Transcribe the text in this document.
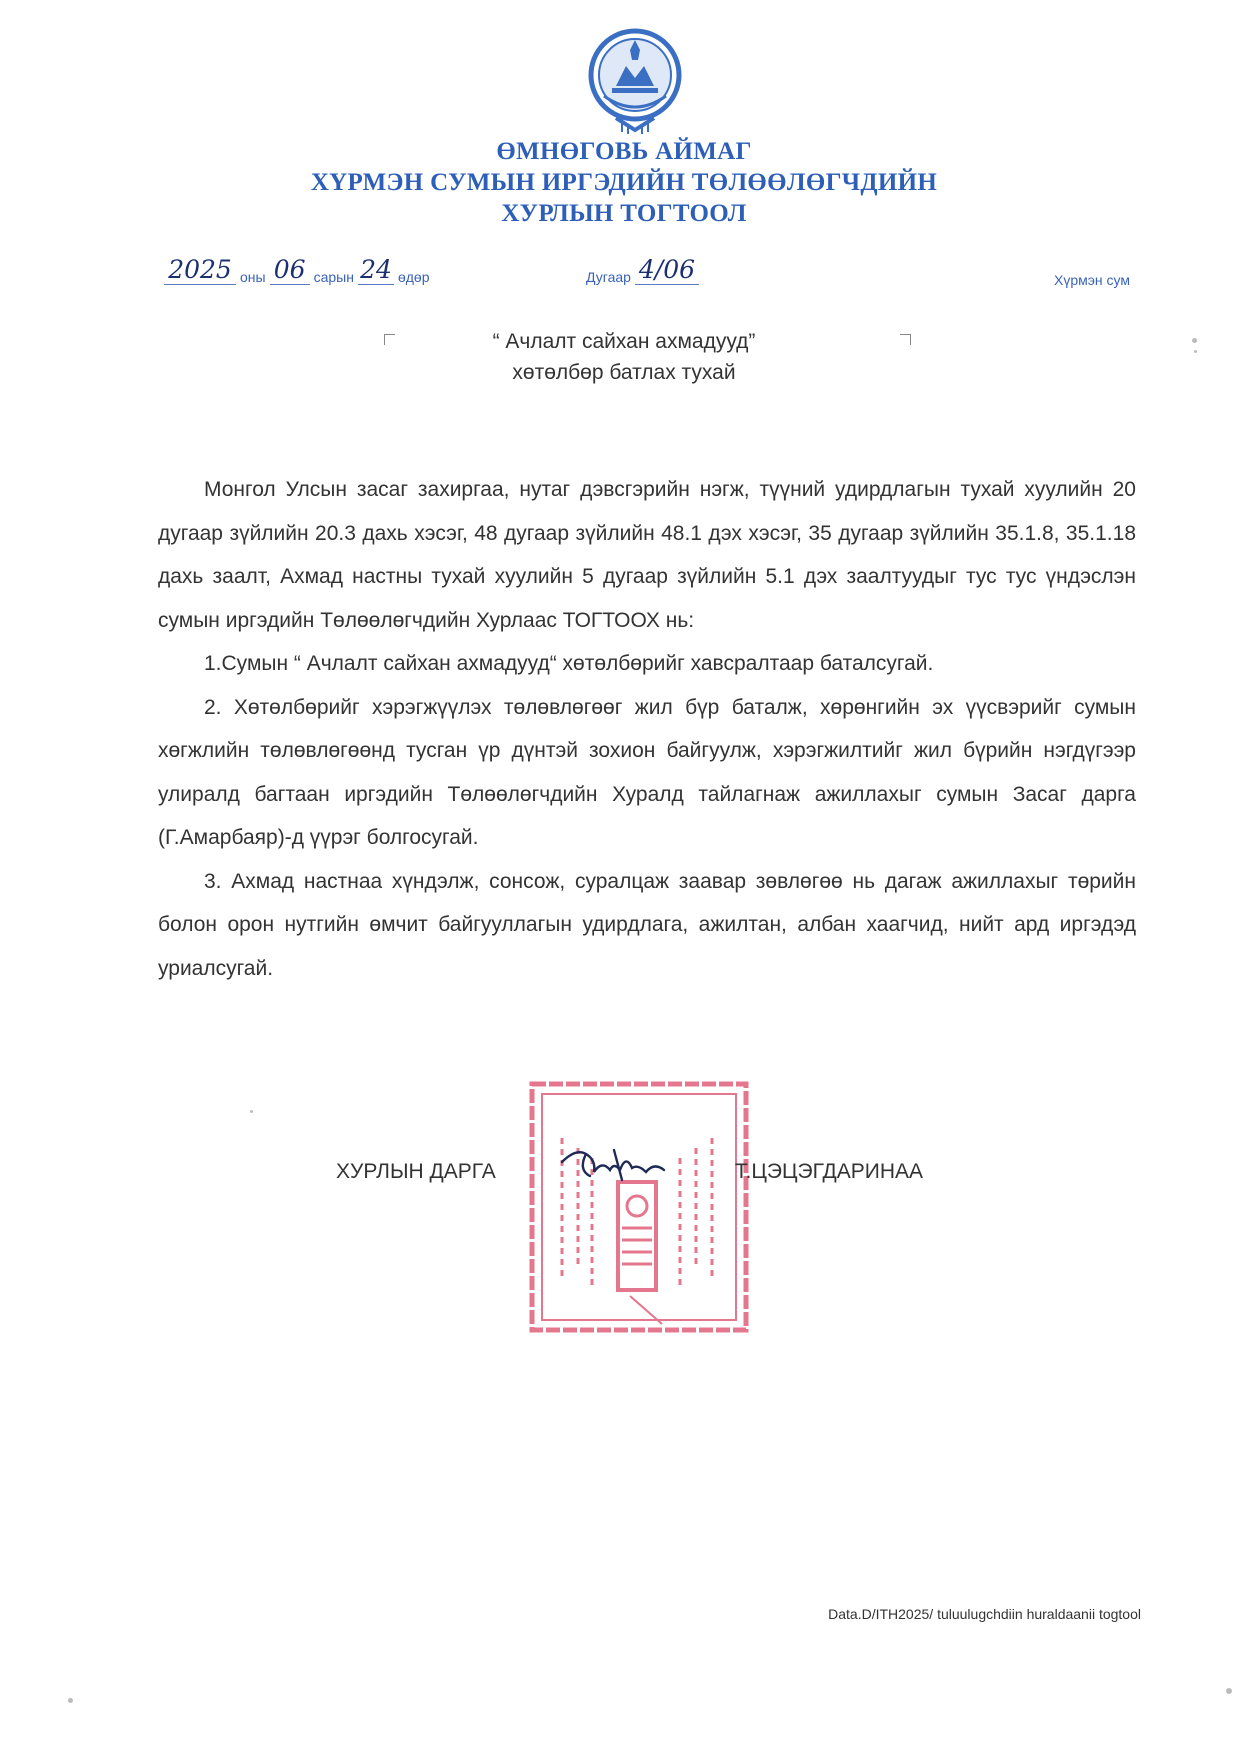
ӨМНӨГОВЬ АЙМАГ
ХҮРМЭН СУМЫН ИРГЭДИЙН ТӨЛӨӨЛӨГЧДИЙН
ХУРЛЫН ТОГТООЛ
2025 оны 06 сарын 24 өдөр	Дугаар 4/06	Хүрмэн сум
“ Ачлалт сайхан ахмадууд”
хөтөлбөр батлах тухай

Монгол Улсын засаг захиргаа, нутаг дэвсгэрийн нэгж, түүний удирдлагын тухай хуулийн 20 дугаар зүйлийн 20.3 дахь хэсэг, 48 дугаар зүйлийн 48.1 дэх хэсэг, 35 дугаар зүйлийн 35.1.8, 35.1.18 дахь заалт, Ахмад настны тухай хуулийн 5 дугаар зүйлийн 5.1 дэх заалтуудыг тус тус үндэслэн сумын иргэдийн Төлөөлөгчдийн Хурлаас ТОГТООХ нь:

1.Сумын “ Ачлалт сайхан ахмадууд“ хөтөлбөрийг хавсралтаар баталсугай.

2. Хөтөлбөрийг хэрэгжүүлэх төлөвлөгөөг жил бүр баталж, хөрөнгийн эх үүсвэрийг сумын хөгжлийн төлөвлөгөөнд тусган үр дүнтэй зохион байгуулж, хэрэгжилтийг жил бүрийн нэгдүгээр улиралд багтаан иргэдийн Төлөөлөгчдийн Хуралд тайлагнаж ажиллахыг сумын Засаг дарга (Г.Амарбаяр)-д үүрэг болгосугай.

3. Ахмад настнаа хүндэлж, сонсож, суралцаж заавар зөвлөгөө нь дагаж ажиллахыг төрийн болон орон нутгийн өмчит байгууллагын удирдлага, ажилтан, албан хаагчид, нийт ард иргэдэд уриалсугай.

ХУРЛЫН ДАРГА	Т.ЦЭЦЭГДАРИНАА
Data.D/ITH2025/ tuluulugchdiin huraldaanii togtool
